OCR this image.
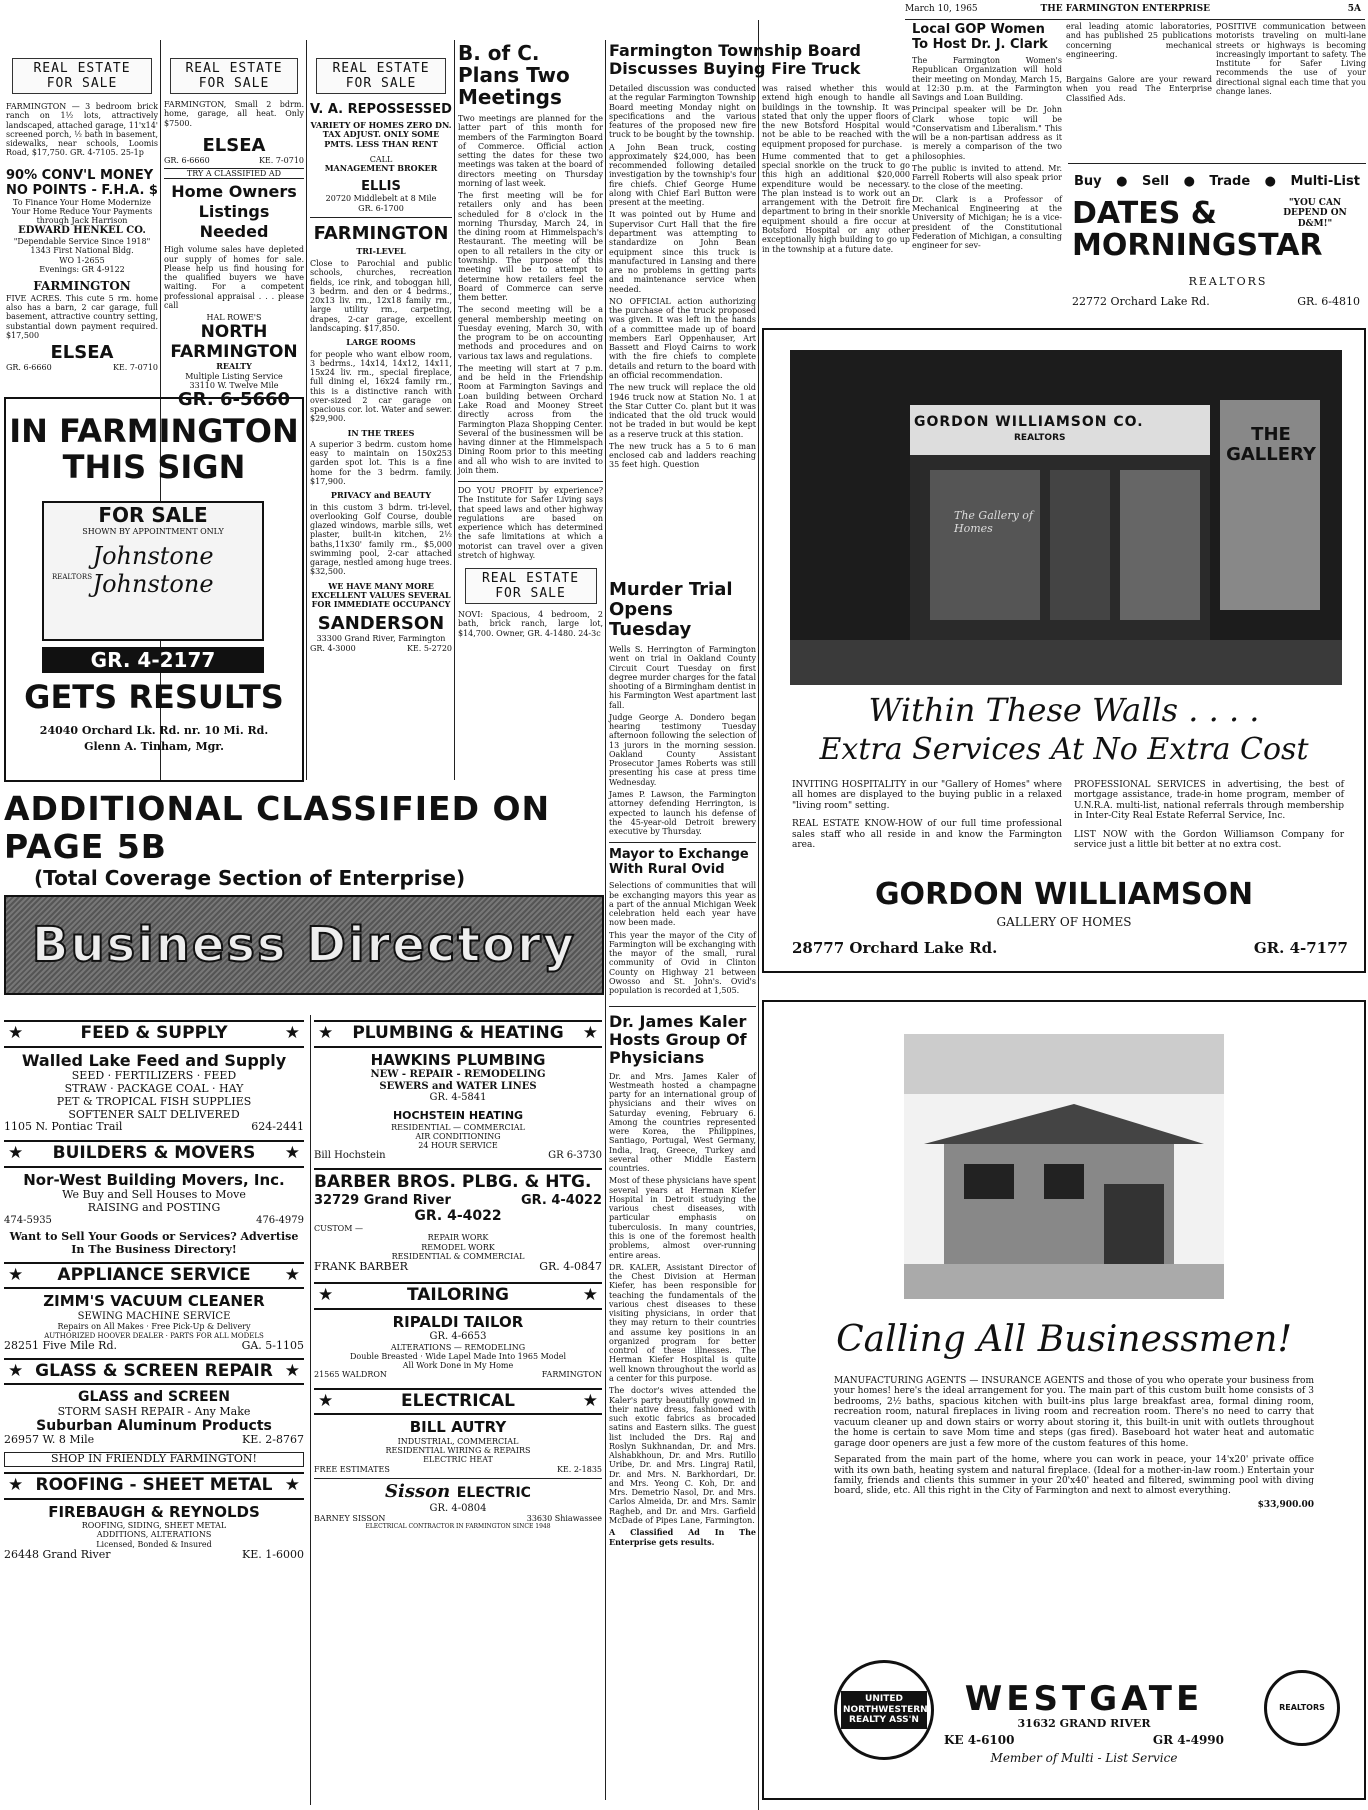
March 10, 1965	THE FARMINGTON ENTERPRISE	5A
REAL ESTATE FOR SALE
FARMINGTON — 3 bedroom brick ranch on 1½ lots, attractively landscaped, attached garage, 11'x14' screened porch, ½ bath in basement, sidewalks, near schools, Loomis Road, $17,750. GR. 4-7105. 25-1p
90% CONV'L MONEY NO POINTS - F.H.A. $
To Finance Your Home Modernize Your Home Reduce Your Payments through Jack Harrison
EDWARD HENKEL CO.
"Dependable Service Since 1918"
1343 First National Bldg.
WO 1-2655
Evenings: GR 4-9122
FARMINGTON
FIVE ACRES. This cute 5 rm. home also has a barn, 2 car garage, full basement, attractive country setting, substantial down payment required. $17,500
ELSEA
GR. 6-6660	KE. 7-0710
REAL ESTATE FOR SALE
FARMINGTON, Small 2 bdrm. home, garage, all heat. Only $7500.
ELSEA
GR. 6-6660	KE. 7-0710
TRY A CLASSIFIED AD
Home Owners Listings Needed
High volume sales have depleted our supply of homes for sale. Please help us find housing for the qualified buyers we have waiting. For a competent professional appraisal . . . please call
HAL ROWE'S
NORTH FARMINGTON
REALTY
Multiple Listing Service
33110 W. Twelve Mile
GR. 6-5660
REAL ESTATE FOR SALE
V. A. REPOSSESSED
VARIETY OF HOMES ZERO DN. TAX ADJUST. ONLY SOME PMTS. LESS THAN RENT
CALL
MANAGEMENT BROKER
ELLIS
20720 Middlebelt at 8 Mile
GR. 6-1700
FARMINGTON
TRI-LEVEL
Close to Parochial and public schools, churches, recreation fields, ice rink, and toboggan hill, 3 bedrm. and den or 4 bedrms., 20x13 liv. rm., 12x18 family rm., large utility rm., carpeting, drapes, 2-car garage, excellent landscaping. $17,850.
LARGE ROOMS
for people who want elbow room, 3 bedrms., 14x14, 14x12, 14x11, 15x24 liv. rm., special fireplace, full dining el, 16x24 family rm., this is a distinctive ranch with over-sized 2 car garage on spacious cor. lot. Water and sewer. $29,900.
IN THE TREES
A superior 3 bedrm. custom home easy to maintain on 150x253 garden spot lot. This is a fine home for the 3 bedrm. family. $17,900.
PRIVACY and BEAUTY
in this custom 3 bdrm. tri-level, overlooking Golf Course, double glazed windows, marble sills, wet plaster, built-in kitchen, 2½ baths,11x30' family rm., $5,000 swimming pool, 2-car attached garage, nestled among huge trees. $32,500.
WE HAVE MANY MORE EXCELLENT VALUES SEVERAL FOR IMMEDIATE OCCUPANCY
SANDERSON
33300 Grand River, Farmington
GR. 4-3000	KE. 5-2720
B. of C. Plans Two Meetings

Two meetings are planned for the latter part of this month for members of the Farmington Board of Commerce. Official action setting the dates for these two meetings was taken at the board of directors meeting on Thursday morning of last week.

The first meeting will be for retailers only and has been scheduled for 8 o'clock in the morning Thursday, March 24, in the dining room at Himmelspach's Restaurant. The meeting will be open to all retailers in the city or township. The purpose of this meeting will be to attempt to determine how retailers feel the Board of Commerce can serve them better.

The second meeting will be a general membership meeting on Tuesday evening, March 30, with the program to be on accounting methods and procedures and on various tax laws and regulations.

The meeting will start at 7 p.m. and be held in the Friendship Room at Farmington Savings and Loan building between Orchard Lake Road and Mooney Street directly across from the Farmington Plaza Shopping Center. Several of the businessmen will be having dinner at the Himmelspach Dining Room prior to this meeting and all who wish to are invited to join them.

DO YOU PROFIT by experience? The Institute for Safer Living says that speed laws and other highway regulations are based on experience which has determined the safe limitations at which a motorist can travel over a given stretch of highway.

REAL ESTATE FOR SALE
NOVI: Spacious, 4 bedroom, 2 bath, brick ranch, large lot, $14,700. Owner, GR. 4-1480. 24-3c
Farmington Township Board Discusses Buying Fire Truck

Detailed discussion was conducted at the regular Farmington Township Board meeting Monday night on specifications and the various features of the proposed new fire truck to be bought by the township.

A John Bean truck, costing approximately $24,000, has been recommended following detailed investigation by the township's four fire chiefs. Chief George Hume along with Chief Earl Button were present at the meeting.

It was pointed out by Hume and Supervisor Curt Hall that the fire department was attempting to standardize on John Bean equipment since this truck is manufactured in Lansing and there are no problems in getting parts and maintenance service when needed.

NO OFFICIAL action authorizing the purchase of the truck proposed was given. It was left in the hands of a committee made up of board members Earl Oppenhauser, Art Bassett and Floyd Cairns to work with the fire chiefs to complete details and return to the board with an official recommendation.

The new truck will replace the old 1946 truck now at Station No. 1 at the Star Cutter Co. plant but it was indicated that the old truck would not be traded in but would be kept as a reserve truck at this station.

The new truck has a 5 to 6 man enclosed cab and ladders reaching 35 feet high. Question

was raised whether this would extend high enough to handle all buildings in the township. It was stated that only the upper floors of the new Botsford Hospital would not be able to be reached with the equipment proposed for purchase.

Hume commented that to get a special snorkle on the truck to go this high an additional $20,000 expenditure would be necessary. The plan instead is to work out an arrangement with the Detroit fire department to bring in their snorkle equipment should a fire occur at Botsford Hospital or any other exceptionally high building to go up in the township at a future date.

Murder Trial Opens Tuesday

Wells S. Herrington of Farmington went on trial in Oakland County Circuit Court Tuesday on first degree murder charges for the fatal shooting of a Birmingham dentist in his Farmington West apartment last fall.

Judge George A. Dondero began hearing testimony Tuesday afternoon following the selection of 13 jurors in the morning session. Oakland County Assistant Prosecutor James Roberts was still presenting his case at press time Wednesday.

James P. Lawson, the Farmington attorney defending Herrington, is expected to launch his defense of the 45-year-old Detroit brewery executive by Thursday.

Mayor to Exchange With Rural Ovid

Selections of communities that will be exchanging mayors this year as a part of the annual Michigan Week celebration held each year have now been made.

This year the mayor of the City of Farmington will be exchanging with the mayor of the small, rural community of Ovid in Clinton County on Highway 21 between Owosso and St. John's. Ovid's population is recorded at 1,505.

Dr. James Kaler Hosts Group Of Physicians

Dr. and Mrs. James Kaler of Westmeath hosted a champagne party for an international group of physicians and their wives on Saturday evening, February 6. Among the countries represented were Korea, the Philippines, Santiago, Portugal, West Germany, India, Iraq, Greece, Turkey and several other Middle Eastern countries.

Most of these physicians have spent several years at Herman Kiefer Hospital in Detroit studying the various chest diseases, with particular emphasis on tuberculosis. In many countries, this is one of the foremost health problems, almost over-running entire areas.

DR. KALER, Assistant Director of the Chest Division at Herman Kiefer, has been responsible for teaching the fundamentals of the various chest diseases to these visiting physicians, in order that they may return to their countries and assume key positions in an organized program for better control of these illnesses. The Herman Kiefer Hospital is quite well known throughout the world as a center for this purpose.

The doctor's wives attended the Kaler's party beautifully gowned in their native dress, fashioned with such exotic fabrics as brocaded satins and Eastern silks. The guest list included the Drs. Raj and Roslyn Sukhnandan, Dr. and Mrs. Alshabkhoun, Dr. and Mrs. Rutillo Uribe, Dr. and Mrs. Lingraj Ratil, Dr. and Mrs. N. Barkhordari, Dr. and Mrs. Yeong C. Koh, Dr. and Mrs. Demetrio Nasol, Dr. and Mrs. Carlos Almeida, Dr. and Mrs. Samir Ragheb, and Dr. and Mrs. Garfield McDade of Pipes Lane, Farmington.

A Classified Ad In The Enterprise gets results.

Local GOP Women To Host Dr. J. Clark

The Farmington Women's Republican Organization will hold their meeting on Monday, March 15, at 12:30 p.m. at the Farmington Savings and Loan Building.

Principal speaker will be Dr. John Clark whose topic will be "Conservatism and Liberalism." This will be a non-partisan address as it is merely a comparison of the two philosophies.

The public is invited to attend. Mr. Farrell Roberts will also speak prior to the close of the meeting.

Dr. Clark is a Professor of Mechanical Engineering at the University of Michigan; he is a vice-president of the Constitutional Federation of Michigan, a consulting engineer for sev-

eral leading atomic laboratories, and has published 25 publications concerning mechanical engineering.

Bargains Galore are your reward when you read The Enterprise Classified Ads.

POSITIVE communication between motorists traveling on multi-lane streets or highways is becoming increasingly important to safety. The Institute for Safer Living recommends the use of your directional signal each time that you change lanes.

Buy ● Sell ● Trade ● Multi-List
DATES & MORNINGSTAR
"YOU CAN DEPEND ON D&M!"
REALTORS
22772 Orchard Lake Rd.	GR. 6-4810
GORDON WILLIAMSON CO.
REALTORS	THE GALLERY
The Gallery of Homes
Within These Walls . . . .
Extra Services At No Extra Cost

INVITING HOSPITALITY in our "Gallery of Homes" where all homes are displayed to the buying public in a relaxed "living room" setting.

REAL ESTATE KNOW-HOW of our full time professional sales staff who all reside in and know the Farmington area.

PROFESSIONAL SERVICES in advertising, the best of mortgage assistance, trade-in home program, member of U.N.R.A. multi-list, national referrals through membership in Inter-City Real Estate Referral Service, Inc.

LIST NOW with the Gordon Williamson Company for service just a little bit better at no extra cost.

GORDON WILLIAMSON
GALLERY OF HOMES
28777 Orchard Lake Rd.	GR. 4-7177
Calling All Businessmen!

MANUFACTURING AGENTS — INSURANCE AGENTS and those of you who operate your business from your homes! here's the ideal arrangement for you. The main part of this custom built home consists of 3 bedrooms, 2½ baths, spacious kitchen with built-ins plus large breakfast area, formal dining room, recreation room, natural fireplaces in living room and recreation room. There's no need to carry that vacuum cleaner up and down stairs or worry about storing it, this built-in unit with outlets throughout the home is certain to save Mom time and steps (gas fired). Baseboard hot water heat and automatic garage door openers are just a few more of the custom features of this home.

Separated from the main part of the home, where you can work in peace, your 14'x20' private office with its own bath, heating system and natural fireplace. (Ideal for a mother-in-law room.) Entertain your family, friends and clients this summer in your 20'x40' heated and filtered, swimming pool with diving board, slide, etc. All this right in the City of Farmington and next to almost everything.

$33,900.00
UNITED NORTHWESTERN REALTY ASS'N
WESTGATE
31632 GRAND RIVER
KE 4-6100	GR 4-4990
Member of Multi - List Service
REALTORS
IN FARMINGTON
THIS SIGN
FOR SALE
SHOWN BY APPOINTMENT ONLY
Johnstone
Johnstone
REALTORS
GR. 4-2177
GETS RESULTS
24040 Orchard Lk. Rd. nr. 10 Mi. Rd.
Glenn A. Tinham, Mgr.
ADDITIONAL CLASSIFIED ON PAGE 5B
(Total Coverage Section of Enterprise)
Business Directory
★	FEED & SUPPLY	★
Walled Lake Feed and Supply
SEED · FERTILIZERS · FEED
STRAW · PACKAGE COAL · HAY
PET & TROPICAL FISH SUPPLIES
SOFTENER SALT DELIVERED
1105 N. Pontiac Trail	624-2441
★ BUILDERS & MOVERS ★
Nor-West Building Movers, Inc.
We Buy and Sell Houses to Move
RAISING and POSTING
474-5935	476-4979
Want to Sell Your Goods or Services? Advertise In The Business Directory!
★ APPLIANCE SERVICE ★
ZIMM'S VACUUM CLEANER
SEWING MACHINE SERVICE
Repairs on All Makes · Free Pick-Up & Delivery
AUTHORIZED HOOVER DEALER · PARTS FOR ALL MODELS
28251 Five Mile Rd.	GA. 5-1105
★ GLASS & SCREEN REPAIR ★
GLASS and SCREEN
STORM SASH REPAIR - Any Make
Suburban Aluminum Products
26957 W. 8 Mile	KE. 2-8767
SHOP IN FRIENDLY FARMINGTON!
★ ROOFING - SHEET METAL ★
FIREBAUGH & REYNOLDS
ROOFING, SIDING, SHEET METAL
ADDITIONS, ALTERATIONS
Licensed, Bonded & Insured
26448 Grand River	KE. 1-6000
★ PLUMBING & HEATING ★
HAWKINS PLUMBING
NEW - REPAIR - REMODELING
SEWERS and WATER LINES
GR. 4-5841
HOCHSTEIN HEATING
RESIDENTIAL — COMMERCIAL
AIR CONDITIONING
24 HOUR SERVICE
Bill Hochstein	GR 6-3730
BARBER BROS. PLBG. & HTG.
32729 Grand River	GR. 4-4022
GR. 4-4022
CUSTOM —
REPAIR WORK
REMODEL WORK
RESIDENTIAL & COMMERCIAL
FRANK BARBER	GR. 4-0847
★	TAILORING	★
RIPALDI TAILOR
GR. 4-6653
ALTERATIONS — REMODELING
Double Breasted · Wide Lapel Made Into 1965 Model
All Work Done in My Home
21565 WALDRON	FARMINGTON
★	ELECTRICAL	★
BILL AUTRY
INDUSTRIAL, COMMERCIAL
RESIDENTIAL WIRING & REPAIRS
ELECTRIC HEAT
FREE ESTIMATES	KE. 2-1835
Sisson ELECTRIC
GR. 4-0804
BARNEY SISSON	33630 Shiawassee
ELECTRICAL CONTRACTOR IN FARMINGTON SINCE 1948
